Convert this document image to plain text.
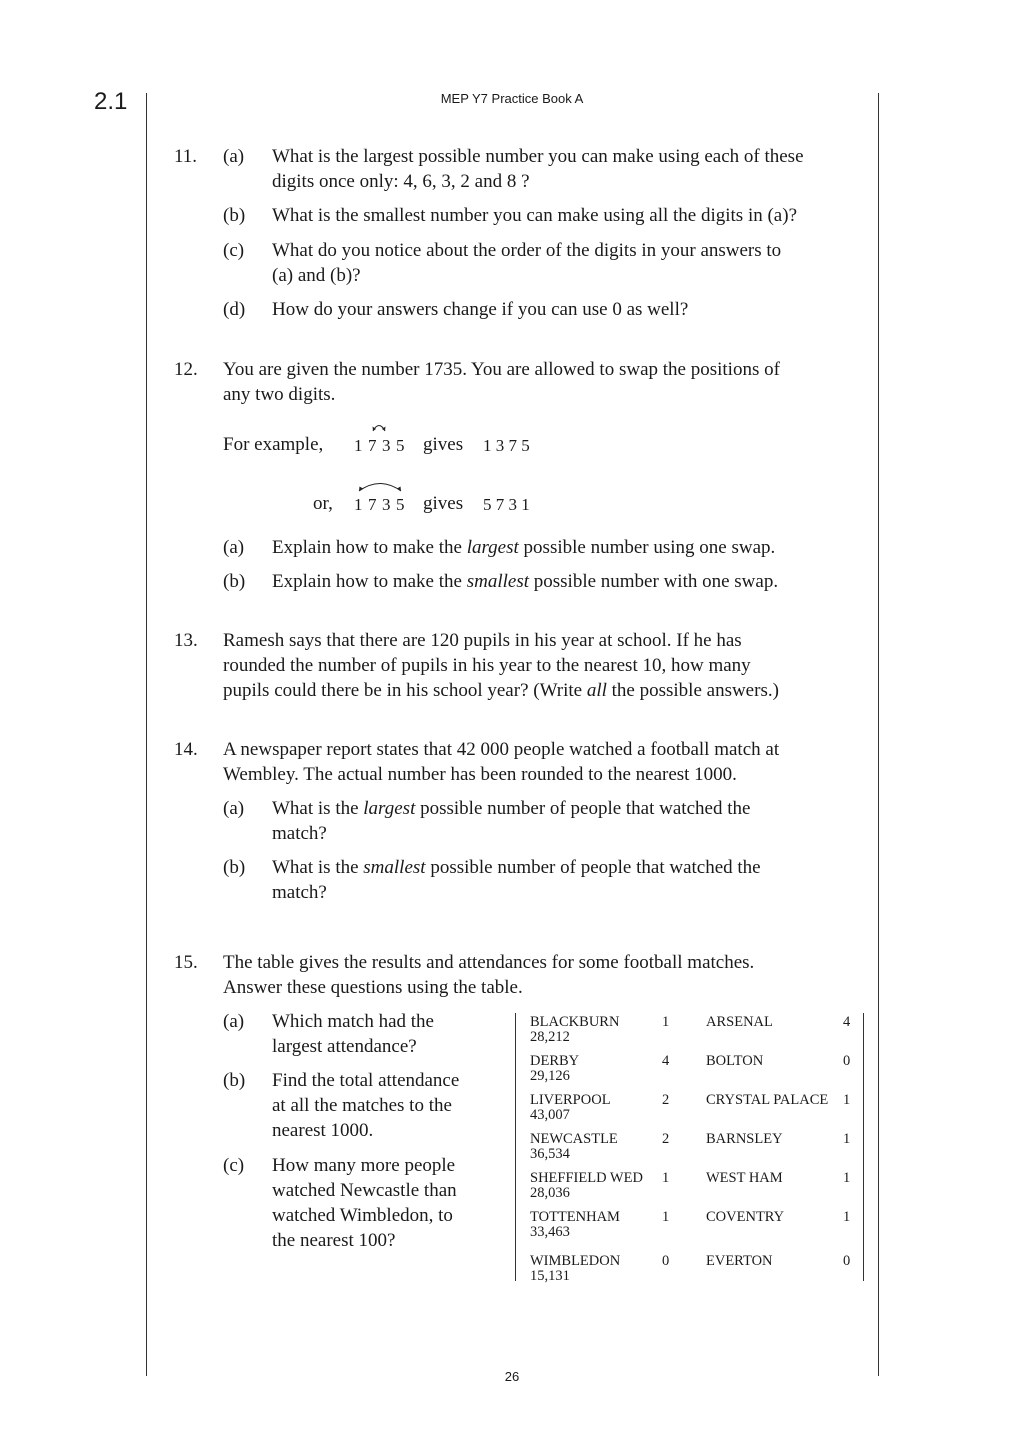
2.1	MEP Y7 Practice Book A
11. (a) What is the largest possible number you can make using each of these
digits once only: 4, 6, 3, 2 and 8 ?
(b) What is the smallest number you can make using all the digits in (a)?
(c) What do you notice about the order of the digits in your answers to
(a) and (b)?
(d) How do your answers change if you can use 0 as well?
12. You are given the number 1735. You are allowed to swap the positions of
any two digits.
For example, 1 7 3 5 gives 1 3 7 5
or, 1 7 3 5 gives 5 7 3 1
(a) Explain how to make the largest possible number using one swap.
(b) Explain how to make the smallest possible number with one swap.
13. Ramesh says that there are 120 pupils in his year at school. If he has
rounded the number of pupils in his year to the nearest 10, how many
pupils could there be in his school year? (Write all the possible answers.)
14. A newspaper report states that 42 000 people watched a football match at
Wembley. The actual number has been rounded to the nearest 1000.
(a) What is the largest possible number of people that watched the
match?
(b) What is the smallest possible number of people that watched the
match?
15. The table gives the results and attendances for some football matches.
Answer these questions using the table.
(a) Which match had the
largest attendance?
(b) Find the total attendance
at all the matches to the
nearest 1000.
(c) How many more people
watched Newcastle than
watched Wimbledon, to
the nearest 100?
BLACKBURN	1	ARSENAL	4
28,212
DERBY	4	BOLTON	0
29,126
LIVERPOOL	2	CRYSTAL PALACE 1
43,007
NEWCASTLE	2	BARNSLEY	1
36,534
SHEFFIELD WED 1	WEST HAM	1
28,036
TOTTENHAM	1	COVENTRY	1
33,463
WIMBLEDON	0	EVERTON	0
15,131
26
